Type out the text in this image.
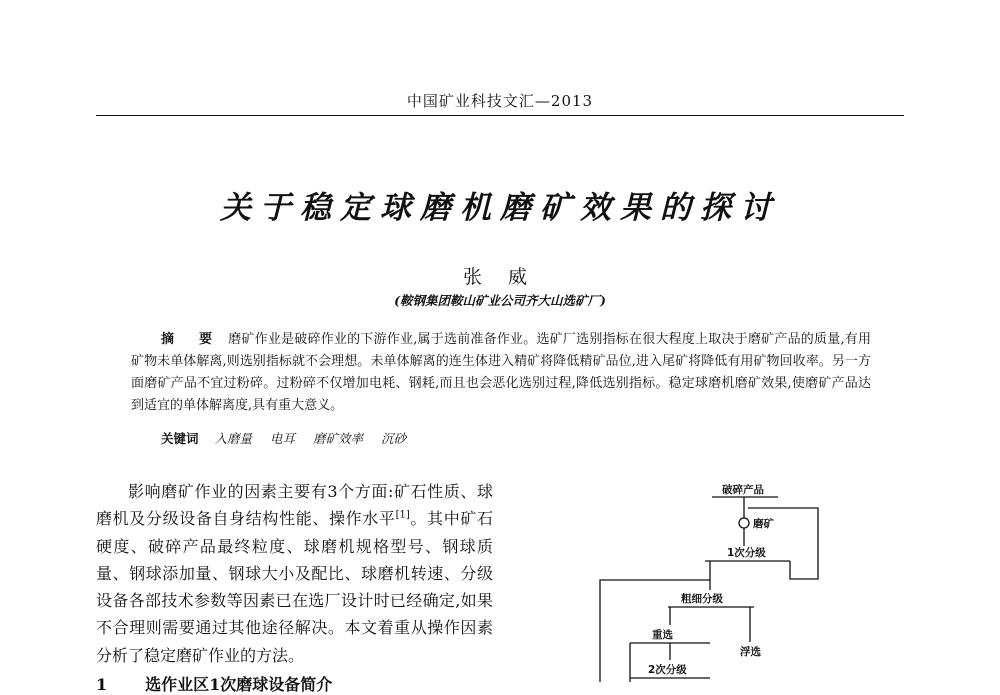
中国矿业科技文汇—2013
关于稳定球磨机磨矿效果的探讨
张 威
(鞍钢集团鞍山矿业公司齐大山选矿厂)
摘 要 磨矿作业是破碎作业的下游作业,属于选前准备作业。选矿厂选别指标在很大程度上取决于磨矿产品的质量,有用矿物未单体解离,则选别指标就不会理想。未单体解离的连生体进入精矿将降低精矿品位,进入尾矿将降低有用矿物回收率。另一方面磨矿产品不宜过粉碎。过粉碎不仅增加电耗、钢耗,而且也会恶化选别过程,降低选别指标。稳定球磨机磨矿效果,使磨矿产品达到适宜的单体解离度,具有重大意义。
关键词 入磨量 电耳 磨矿效率 沉砂

影响磨矿作业的因素主要有3个方面:矿石性质、球磨机及分级设备自身结构性能、操作水平[1]。其中矿石硬度、破碎产品最终粒度、球磨机规格型号、钢球质量、钢球添加量、钢球大小及配比、球磨机转速、分级设备各部技术参数等因素已在选厂设计时已经确定,如果不合理则需要通过其他途径解决。本文着重从操作因素分析了稳定磨矿作业的方法。

1 选作业区1次磨球设备简介
破碎产品
磨矿
1次分级
粗细分级
重选
浮选
2次分级
